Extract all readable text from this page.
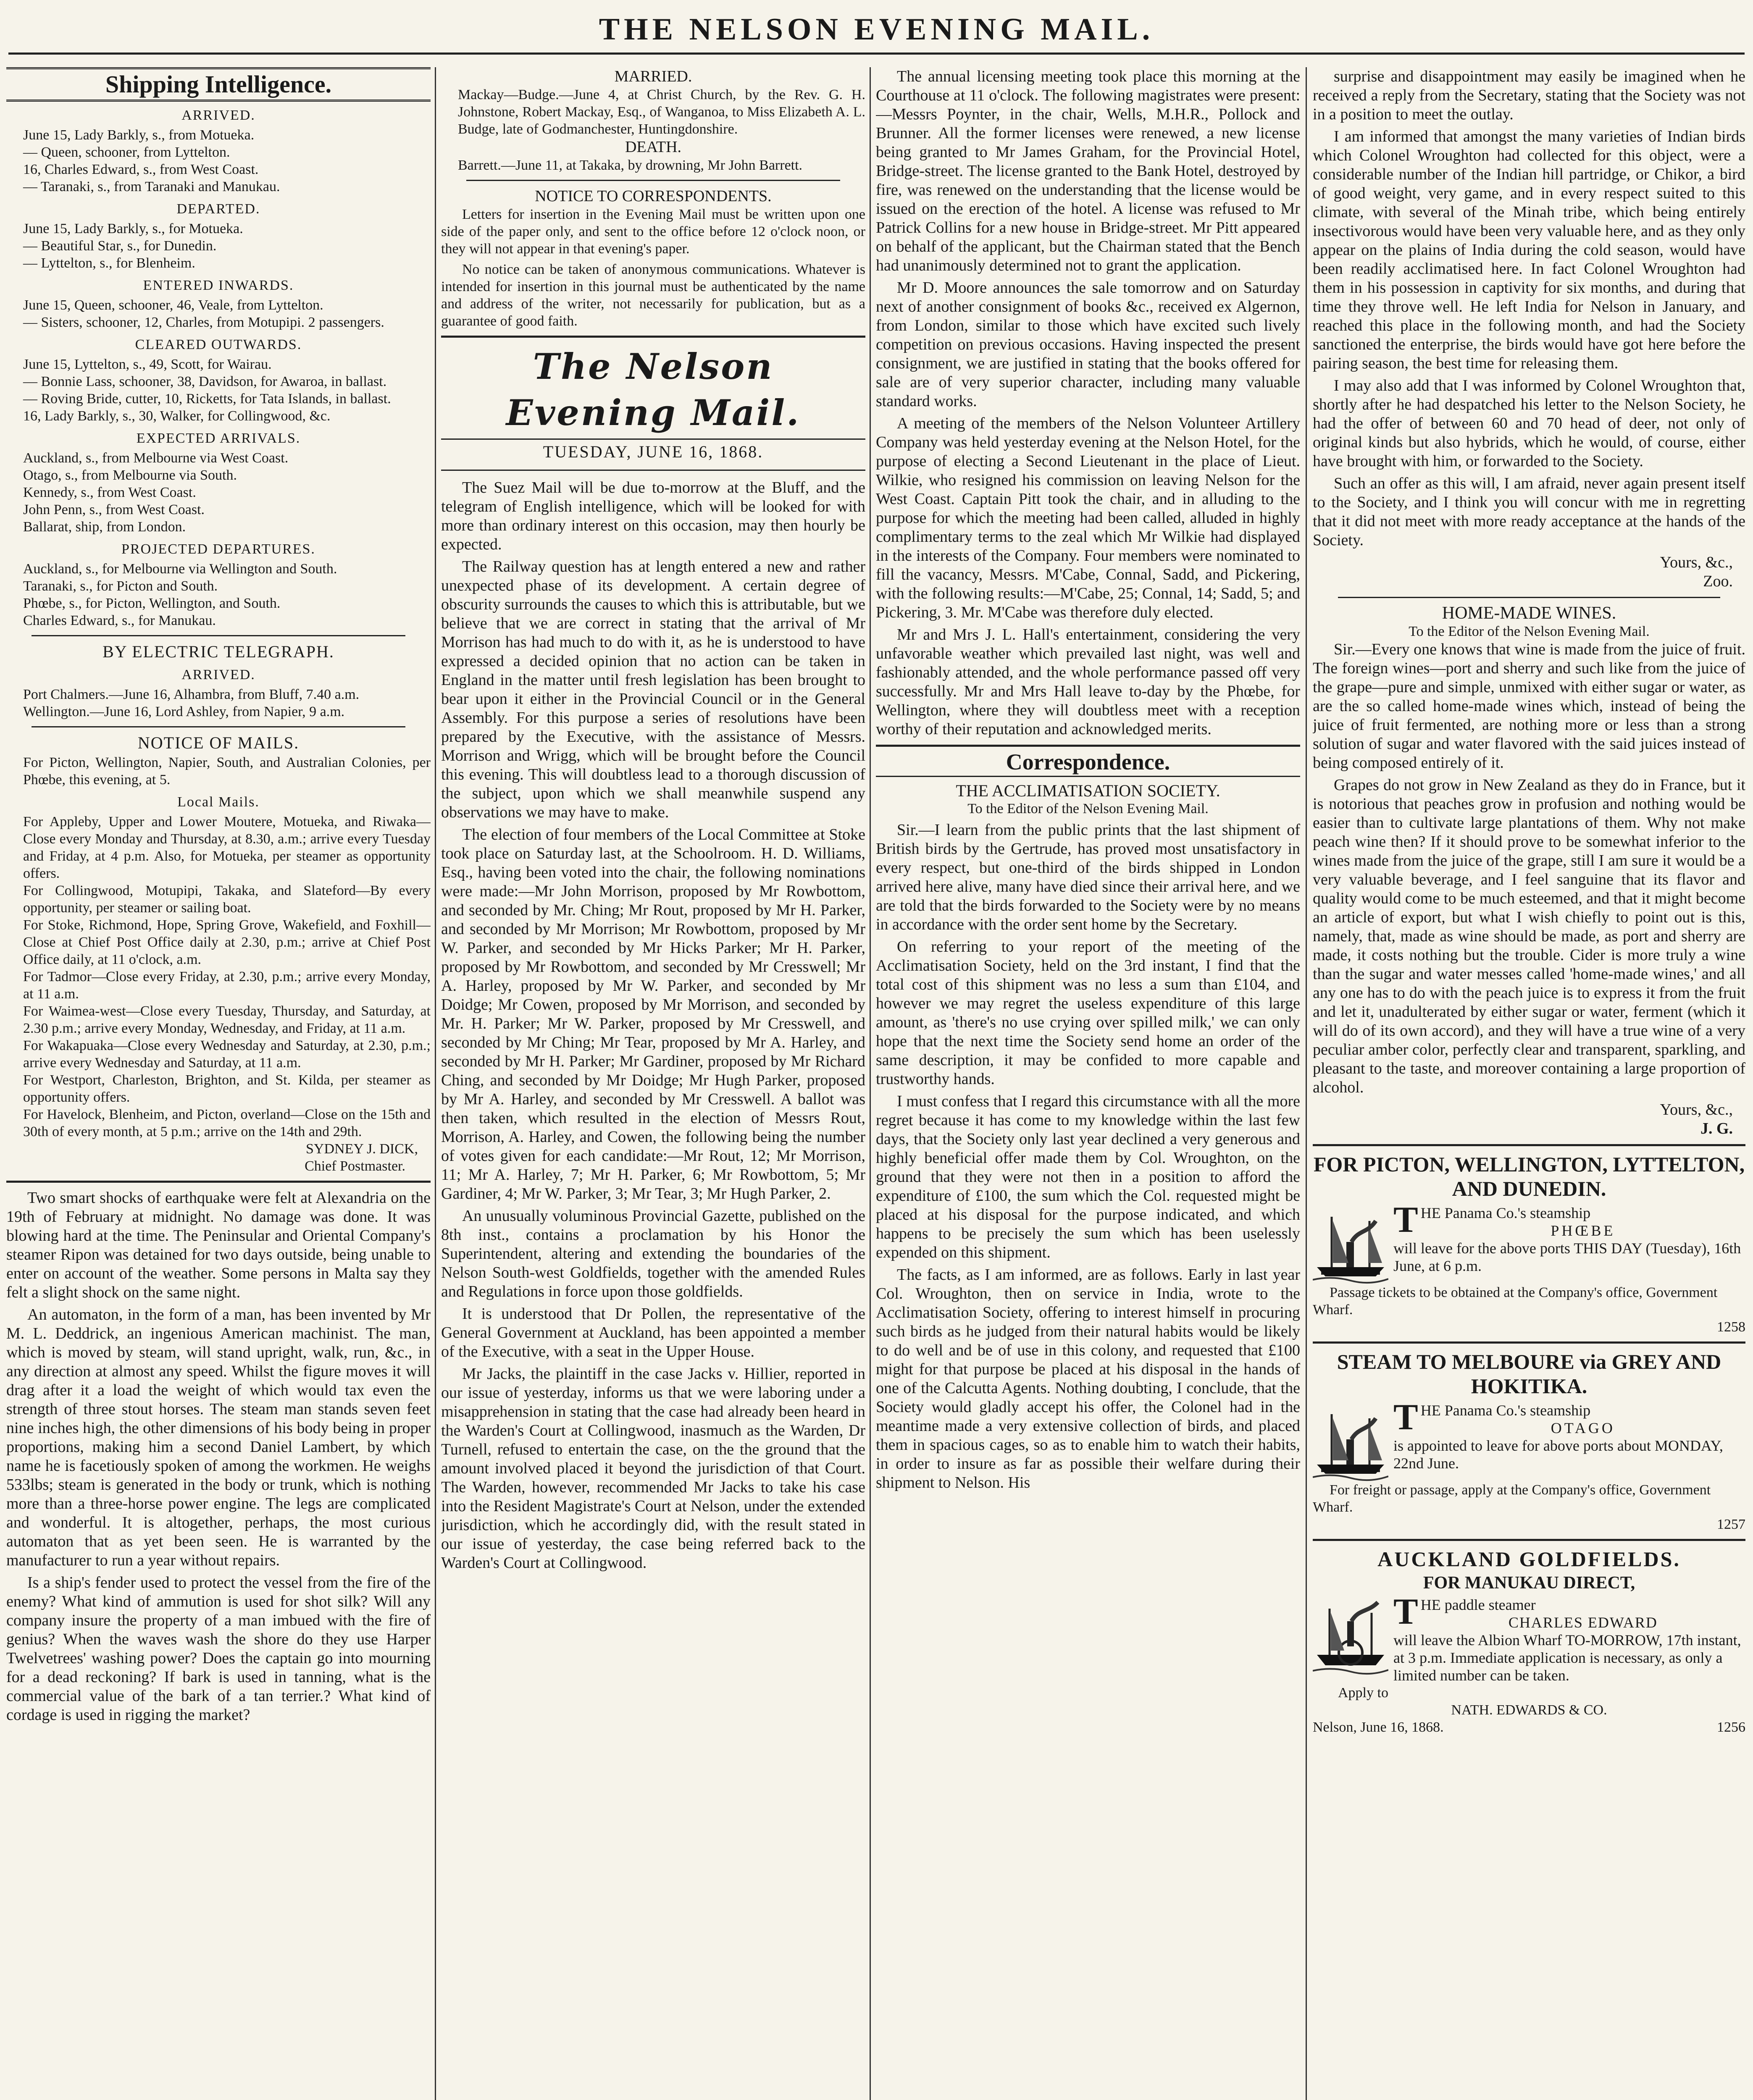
THE NELSON EVENING MAIL.
Shipping Intelligence.
ARRIVED.

June 15, Lady Barkly, s., from Motueka.

— Queen, schooner, from Lyttelton.

16, Charles Edward, s., from West Coast.

— Taranaki, s., from Taranaki and Manukau.

DEPARTED.

June 15, Lady Barkly, s., for Motueka.

— Beautiful Star, s., for Dunedin.

— Lyttelton, s., for Blenheim.

ENTERED INWARDS.

June 15, Queen, schooner, 46, Veale, from Lyttelton.

— Sisters, schooner, 12, Charles, from Motupipi. 2 passengers.

CLEARED OUTWARDS.

June 15, Lyttelton, s., 49, Scott, for Wairau.

— Bonnie Lass, schooner, 38, Davidson, for Awaroa, in ballast.

— Roving Bride, cutter, 10, Ricketts, for Tata Islands, in ballast.

16, Lady Barkly, s., 30, Walker, for Collingwood, &c.

EXPECTED ARRIVALS.

Auckland, s., from Melbourne via West Coast.

Otago, s., from Melbourne via South.

Kennedy, s., from West Coast.

John Penn, s., from West Coast.

Ballarat, ship, from London.

PROJECTED DEPARTURES.

Auckland, s., for Melbourne via Wellington and South.

Taranaki, s., for Picton and South.

Phœbe, s., for Picton, Wellington, and South.

Charles Edward, s., for Manukau.

BY ELECTRIC TELEGRAPH.
ARRIVED.

Port Chalmers.—June 16, Alhambra, from Bluff, 7.40 a.m.

Wellington.—June 16, Lord Ashley, from Napier, 9 a.m.

NOTICE OF MAILS.

For Picton, Wellington, Napier, South, and Australian Colonies, per Phœbe, this evening, at 5.

Local Mails.

For Appleby, Upper and Lower Moutere, Motueka, and Riwaka—Close every Monday and Thursday, at 8.30, a.m.; arrive every Tuesday and Friday, at 4 p.m. Also, for Motueka, per steamer as opportunity offers.

For Collingwood, Motupipi, Takaka, and Slateford—By every opportunity, per steamer or sailing boat.

For Stoke, Richmond, Hope, Spring Grove, Wakefield, and Foxhill—Close at Chief Post Office daily at 2.30, p.m.; arrive at Chief Post Office daily, at 11 o'clock, a.m.

For Tadmor—Close every Friday, at 2.30, p.m.; arrive every Monday, at 11 a.m.

For Waimea-west—Close every Tuesday, Thursday, and Saturday, at 2.30 p.m.; arrive every Monday, Wednesday, and Friday, at 11 a.m.

For Wakapuaka—Close every Wednesday and Saturday, at 2.30, p.m.; arrive every Wednesday and Saturday, at 11 a.m.

For Westport, Charleston, Brighton, and St. Kilda, per steamer as opportunity offers.

For Havelock, Blenheim, and Picton, overland—Close on the 15th and 30th of every month, at 5 p.m.; arrive on the 14th and 29th.

SYDNEY J. DICK,
Chief Postmaster.

Two smart shocks of earthquake were felt at Alexandria on the 19th of February at midnight. No damage was done. It was blowing hard at the time. The Peninsular and Oriental Company's steamer Ripon was detained for two days outside, being unable to enter on account of the weather. Some persons in Malta say they felt a slight shock on the same night.

An automaton, in the form of a man, has been invented by Mr M. L. Deddrick, an ingenious American machinist. The man, which is moved by steam, will stand upright, walk, run, &c., in any direction at almost any speed. Whilst the figure moves it will drag after it a load the weight of which would tax even the strength of three stout horses. The steam man stands seven feet nine inches high, the other dimensions of his body being in proper proportions, making him a second Daniel Lambert, by which name he is facetiously spoken of among the workmen. He weighs 533lbs; steam is generated in the body or trunk, which is nothing more than a three-horse power engine. The legs are complicated and wonderful. It is altogether, perhaps, the most curious automaton that as yet been seen. He is warranted by the manufacturer to run a year without repairs.

Is a ship's fender used to protect the vessel from the fire of the enemy? What kind of ammution is used for shot silk? Will any company insure the property of a man imbued with the fire of genius? When the waves wash the shore do they use Harper Twelvetrees' washing power? Does the captain go into mourning for a dead reckoning? If bark is used in tanning, what is the commercial value of the bark of a tan terrier.? What kind of cordage is used in rigging the market?

MARRIED.

Mackay—Budge.—June 4, at Christ Church, by the Rev. G. H. Johnstone, Robert Mackay, Esq., of Wanganoa, to Miss Elizabeth A. L. Budge, late of Godmanchester, Huntingdonshire.

DEATH.

Barrett.—June 11, at Takaka, by drowning, Mr John Barrett.

NOTICE TO CORRESPONDENTS.

Letters for insertion in the Evening Mail must be written upon one side of the paper only, and sent to the office before 12 o'clock noon, or they will not appear in that evening's paper.

No notice can be taken of anonymous communications. Whatever is intended for insertion in this journal must be authenticated by the name and address of the writer, not necessarily for publication, but as a guarantee of good faith.

The Nelson Evening Mail.
TUESDAY, JUNE 16, 1868.

The Suez Mail will be due to-morrow at the Bluff, and the telegram of English intelligence, which will be looked for with more than ordinary interest on this occasion, may then hourly be expected.

The Railway question has at length entered a new and rather unexpected phase of its development. A certain degree of obscurity surrounds the causes to which this is attributable, but we believe that we are correct in stating that the arrival of Mr Morrison has had much to do with it, as he is understood to have expressed a decided opinion that no action can be taken in England in the matter until fresh legislation has been brought to bear upon it either in the Provincial Council or in the General Assembly. For this purpose a series of resolutions have been prepared by the Executive, with the assistance of Messrs. Morrison and Wrigg, which will be brought before the Council this evening. This will doubtless lead to a thorough discussion of the subject, upon which we shall meanwhile suspend any observations we may have to make.

The election of four members of the Local Committee at Stoke took place on Saturday last, at the Schoolroom. H. D. Williams, Esq., having been voted into the chair, the following nominations were made:—Mr John Morrison, proposed by Mr Rowbottom, and seconded by Mr. Ching; Mr Rout, proposed by Mr H. Parker, and seconded by Mr Morrison; Mr Rowbottom, proposed by Mr W. Parker, and seconded by Mr Hicks Parker; Mr H. Parker, proposed by Mr Rowbottom, and seconded by Mr Cresswell; Mr A. Harley, proposed by Mr W. Parker, and seconded by Mr Doidge; Mr Cowen, proposed by Mr Morrison, and seconded by Mr. H. Parker; Mr W. Parker, proposed by Mr Cresswell, and seconded by Mr Ching; Mr Tear, proposed by Mr A. Harley, and seconded by Mr H. Parker; Mr Gardiner, proposed by Mr Richard Ching, and seconded by Mr Doidge; Mr Hugh Parker, proposed by Mr A. Harley, and seconded by Mr Cresswell. A ballot was then taken, which resulted in the election of Messrs Rout, Morrison, A. Harley, and Cowen, the following being the number of votes given for each candidate:—Mr Rout, 12; Mr Morrison, 11; Mr A. Harley, 7; Mr H. Parker, 6; Mr Rowbottom, 5; Mr Gardiner, 4; Mr W. Parker, 3; Mr Tear, 3; Mr Hugh Parker, 2.

An unusually voluminous Provincial Gazette, published on the 8th inst., contains a proclamation by his Honor the Superintendent, altering and extending the boundaries of the Nelson South-west Goldfields, together with the amended Rules and Regulations in force upon those goldfields.

It is understood that Dr Pollen, the representative of the General Government at Auckland, has been appointed a member of the Executive, with a seat in the Upper House.

Mr Jacks, the plaintiff in the case Jacks v. Hillier, reported in our issue of yesterday, informs us that we were laboring under a misapprehension in stating that the case had already been heard in the Warden's Court at Collingwood, inasmuch as the Warden, Dr Turnell, refused to entertain the case, on the the ground that the amount involved placed it beyond the jurisdiction of that Court. The Warden, however, recommended Mr Jacks to take his case into the Resident Magistrate's Court at Nelson, under the extended jurisdiction, which he accordingly did, with the result stated in our issue of yesterday, the case being referred back to the Warden's Court at Collingwood.

The annual licensing meeting took place this morning at the Courthouse at 11 o'clock. The following magistrates were present:—Messrs Poynter, in the chair, Wells, M.H.R., Pollock and Brunner. All the former licenses were renewed, a new license being granted to Mr James Graham, for the Provincial Hotel, Bridge-street. The license granted to the Bank Hotel, destroyed by fire, was renewed on the understanding that the license would be issued on the erection of the hotel. A license was refused to Mr Patrick Collins for a new house in Bridge-street. Mr Pitt appeared on behalf of the applicant, but the Chairman stated that the Bench had unanimously determined not to grant the application.

Mr D. Moore announces the sale tomorrow and on Saturday next of another consignment of books &c., received ex Algernon, from London, similar to those which have excited such lively competition on previous occasions. Having inspected the present consignment, we are justified in stating that the books offered for sale are of very superior character, including many valuable standard works.

A meeting of the members of the Nelson Volunteer Artillery Company was held yesterday evening at the Nelson Hotel, for the purpose of electing a Second Lieutenant in the place of Lieut. Wilkie, who resigned his commission on leaving Nelson for the West Coast. Captain Pitt took the chair, and in alluding to the purpose for which the meeting had been called, alluded in highly complimentary terms to the zeal which Mr Wilkie had displayed in the interests of the Company. Four members were nominated to fill the vacancy, Messrs. M'Cabe, Connal, Sadd, and Pickering, with the following results:—M'Cabe, 25; Connal, 14; Sadd, 5; and Pickering, 3. Mr. M'Cabe was therefore duly elected.

Mr and Mrs J. L. Hall's entertainment, considering the very unfavorable weather which prevailed last night, was well and fashionably attended, and the whole performance passed off very successfully. Mr and Mrs Hall leave to-day by the Phœbe, for Wellington, where they will doubtless meet with a reception worthy of their reputation and acknowledged merits.

Correspondence.
THE ACCLIMATISATION SOCIETY.
To the Editor of the Nelson Evening Mail.

Sir.—I learn from the public prints that the last shipment of British birds by the Gertrude, has proved most unsatisfactory in every respect, but one-third of the birds shipped in London arrived here alive, many have died since their arrival here, and we are told that the birds forwarded to the Society were by no means in accordance with the order sent home by the Secretary.

On referring to your report of the meeting of the Acclimatisation Society, held on the 3rd instant, I find that the total cost of this shipment was no less a sum than £104, and however we may regret the useless expenditure of this large amount, as 'there's no use crying over spilled milk,' we can only hope that the next time the Society send home an order of the same description, it may be confided to more capable and trustworthy hands.

I must confess that I regard this circumstance with all the more regret because it has come to my knowledge within the last few days, that the Society only last year declined a very generous and highly beneficial offer made them by Col. Wroughton, on the ground that they were not then in a position to afford the expenditure of £100, the sum which the Col. requested might be placed at his disposal for the purpose indicated, and which happens to be precisely the sum which has been uselessly expended on this shipment.

The facts, as I am informed, are as follows. Early in last year Col. Wroughton, then on service in India, wrote to the Acclimatisation Society, offering to interest himself in procuring such birds as he judged from their natural habits would be likely to do well and be of use in this colony, and requested that £100 might for that purpose be placed at his disposal in the hands of one of the Calcutta Agents. Nothing doubting, I conclude, that the Society would gladly accept his offer, the Colonel had in the meantime made a very extensive collection of birds, and placed them in spacious cages, so as to enable him to watch their habits, in order to insure as far as possible their welfare during their shipment to Nelson. His

surprise and disappointment may easily be imagined when he received a reply from the Secretary, stating that the Society was not in a position to meet the outlay.

I am informed that amongst the many varieties of Indian birds which Colonel Wroughton had collected for this object, were a considerable number of the Indian hill partridge, or Chikor, a bird of good weight, very game, and in every respect suited to this climate, with several of the Minah tribe, which being entirely insectivorous would have been very valuable here, and as they only appear on the plains of India during the cold season, would have been readily acclimatised here. In fact Colonel Wroughton had them in his possession in captivity for six months, and during that time they throve well. He left India for Nelson in January, and reached this place in the following month, and had the Society sanctioned the enterprise, the birds would have got here before the pairing season, the best time for releasing them.

I may also add that I was informed by Colonel Wroughton that, shortly after he had despatched his letter to the Nelson Society, he had the offer of between 60 and 70 head of deer, not only of original kinds but also hybrids, which he would, of course, either have brought with him, or forwarded to the Society.

Such an offer as this will, I am afraid, never again present itself to the Society, and I think you will concur with me in regretting that it did not meet with more ready acceptance at the hands of the Society.

Yours, &c.,
Zoo.
HOME-MADE WINES.
To the Editor of the Nelson Evening Mail.

Sir.—Every one knows that wine is made from the juice of fruit. The foreign wines—port and sherry and such like from the juice of the grape—pure and simple, unmixed with either sugar or water, as are the so called home-made wines which, instead of being the juice of fruit fermented, are nothing more or less than a strong solution of sugar and water flavored with the said juices instead of being composed entirely of it.

Grapes do not grow in New Zealand as they do in France, but it is notorious that peaches grow in profusion and nothing would be easier than to cultivate large plantations of them. Why not make peach wine then? If it should prove to be somewhat inferior to the wines made from the juice of the grape, still I am sure it would be a very valuable beverage, and I feel sanguine that its flavor and quality would come to be much esteemed, and that it might become an article of export, but what I wish chiefly to point out is this, namely, that, made as wine should be made, as port and sherry are made, it costs nothing but the trouble. Cider is more truly a wine than the sugar and water messes called 'home-made wines,' and all any one has to do with the peach juice is to express it from the fruit and let it, unadulterated by either sugar or water, ferment (which it will do of its own accord), and they will have a true wine of a very peculiar amber color, perfectly clear and transparent, sparkling, and pleasant to the taste, and moreover containing a large proportion of alcohol.

Yours, &c.,
J. G.
FOR PICTON, WELLINGTON, LYTTELTON, AND DUNEDIN.
THE Panama Co.'s steamship
PHŒBE
will leave for the above ports THIS DAY (Tuesday), 16th June, at 6 p.m.
Passage tickets to be obtained at the Company's office, Government Wharf.
1258
STEAM TO MELBOURE via GREY AND HOKITIKA.
THE Panama Co.'s steamship
OTAGO
is appointed to leave for above ports about MONDAY, 22nd June.
For freight or passage, apply at the Company's office, Government Wharf.
1257
AUCKLAND GOLDFIELDS.
FOR MANUKAU DIRECT,
THE paddle steamer
CHARLES EDWARD
will leave the Albion Wharf TO-MORROW, 17th instant, at 3 p.m. Immediate application is necessary, as only a limited number can be taken.
Apply to
NATH. EDWARDS & CO.
Nelson, June 16, 1868.	1256
